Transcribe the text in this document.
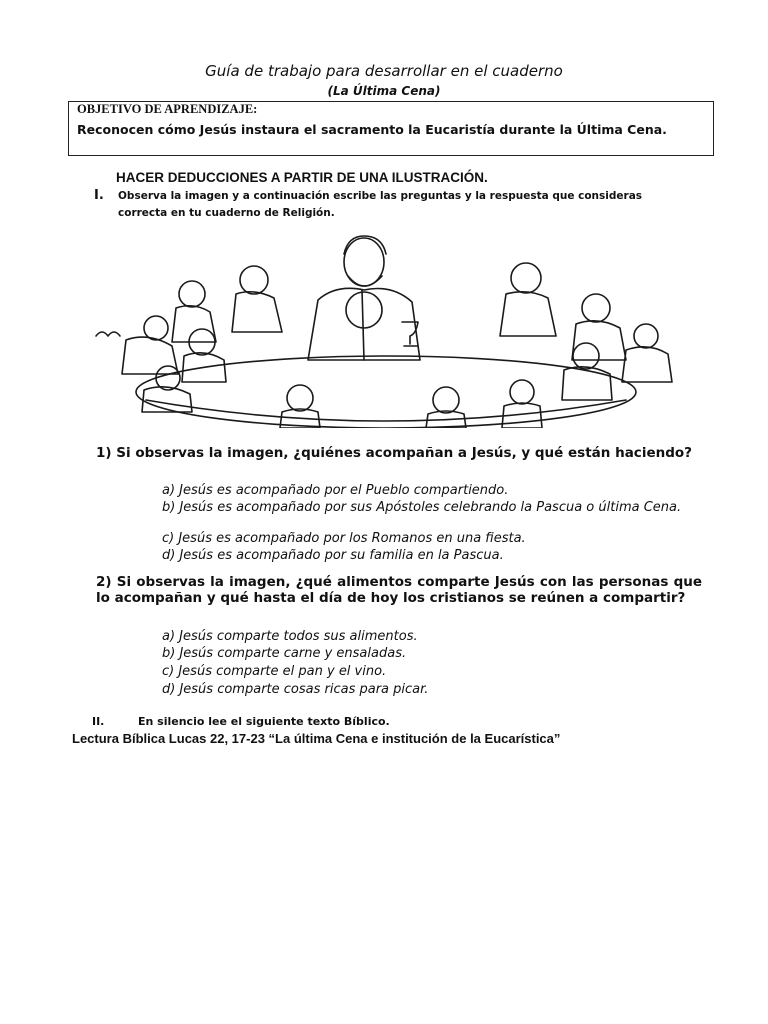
Guía de trabajo para desarrollar en el cuaderno
(La Última Cena)
OBJETIVO DE APRENDIZAJE:
Reconocen cómo Jesús instaura el sacramento la Eucaristía durante la Última Cena.
HACER DEDUCCIONES A PARTIR DE UNA ILUSTRACIÓN.
I. Observa la imagen y a continuación escribe las preguntas y la respuesta que consideras correcta en tu cuaderno de Religión.
1) Si observas la imagen, ¿quiénes acompañan a Jesús, y qué están haciendo?
a) Jesús es acompañado por el Pueblo compartiendo.
b) Jesús es acompañado por sus Apóstoles celebrando la Pascua o última Cena.
c) Jesús es acompañado por los Romanos en una fiesta.
d) Jesús es acompañado por su familia en la Pascua.
2) Si observas la imagen, ¿qué alimentos comparte Jesús con las personas que lo acompañan y qué hasta el día de hoy los cristianos se reúnen a compartir?
a) Jesús comparte todos sus alimentos.
b) Jesús comparte carne y ensaladas.
c) Jesús comparte el pan y el vino.
d) Jesús comparte cosas ricas para picar.
II.	En silencio lee el siguiente texto Bíblico.
Lectura Bíblica Lucas 22, 17-23 “La última Cena e institución de la Eucarística”
